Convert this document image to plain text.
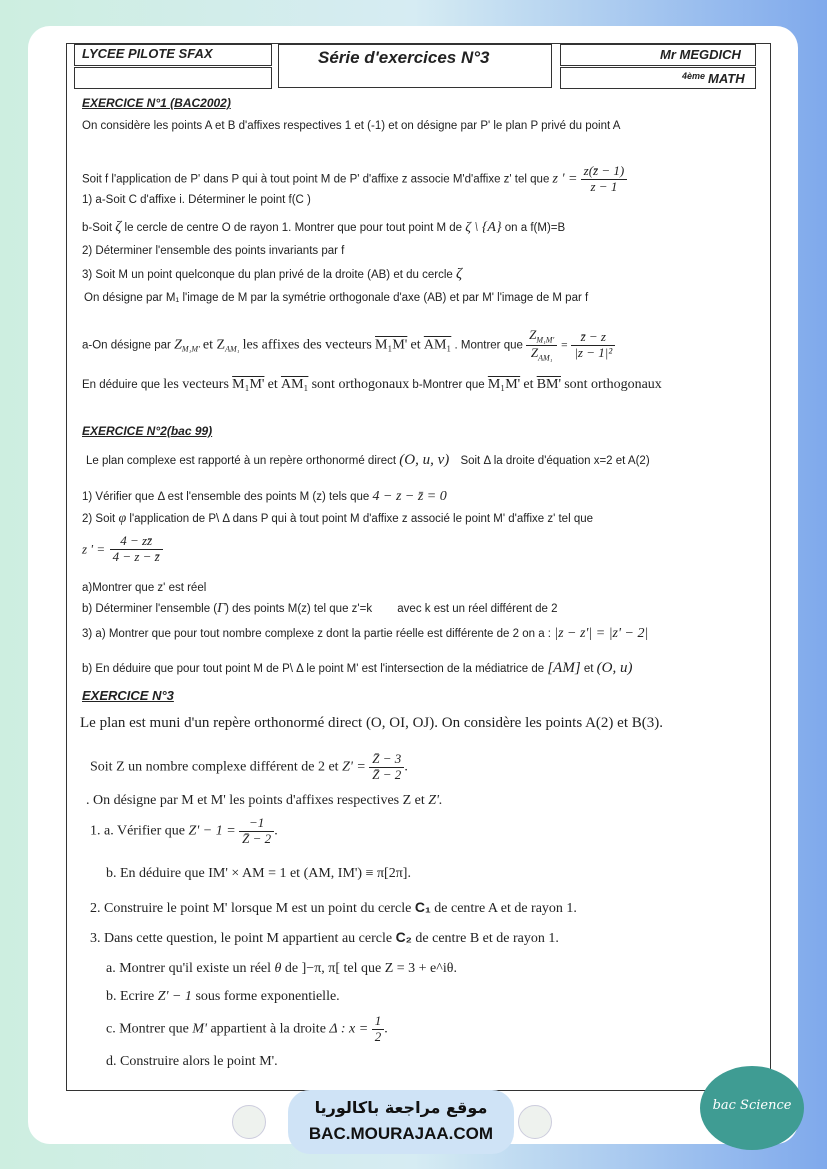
LYCEE PILOTE SFAX	Série d'exercices N°3	Mr MEGDICH
4ème MATH
EXERCICE N°1 (BAC2002)
On considère les points A et B d'affixes respectives 1 et (-1) et on désigne par P' le plan P privé du point A
Soit f l'application de P' dans P qui à tout point M de P' d'affixe z associe M'd'affixe z' tel que z ' = $\frac{z(z̄ - 1)}{z - 1}$
1) a-Soit C d'affixe i. Déterminer le point f(C )
b-Soit ζ le cercle de centre O de rayon 1. Montrer que pour tout point M de ζ \ {A} on a f(M)=B
2) Déterminer l'ensemble des points invariants par f
3) Soit M un point quelconque du plan privé de la droite (AB) et du cercle ζ
On désigne par M₁ l'image de M par la symétrie orthogonale d'axe (AB) et par M' l'image de M par f
a-On désigne par $Z_{M_1M'}$ et $Z_{AM_1}$ les affixes des vecteurs M₁M' et AM₁ . Montrer que $\frac{Z_{M_1M'}}{Z_{AM_1}} = \frac{z̄ - z}{\text{|z − 1|²}}$
En déduire que les vecteurs M₁M' et AM₁ sont orthogonaux b-Montrer que M₁M' et BM' sont orthogonaux
EXERCICE N°2(bac 99)
Le plan complexe est rapporté à un repère orthonormé direct (O, u, v) Soit Δ la droite d'équation x=2 et A(2)
1) Vérifier que Δ est l'ensemble des points M (z) tels que 4 − z − z̄ = 0
2) Soit φ l'application de P\ Δ dans P qui à tout point M d'affixe z associé le point M' d'affixe z' tel que
z ' = $\frac{4 - zz̄}{4 - z - z̄}$
a)Montrer que z' est réel
b) Déterminer l'ensemble (Γ) des points M(z) tel que z'=k avec k est un réel différent de 2
3) a) Montrer que pour tout nombre complexe z dont la partie réelle est différente de 2 on a : |z − z'| = |z' − 2|
b) En déduire que pour tout point M de P\ Δ le point M' est l'intersection de la médiatrice de [AM] et (O, u)
EXERCICE N°3
Le plan est muni d'un repère orthonormé direct (O, OI, OJ). On considère les points A(2) et B(3).
Soit Z un nombre complexe différent de 2 et $Z' = \frac{Z̄ - 3}{Z̄ - 2}$ .
. On désigne par M et M' les points d'affixes respectives Z et Z'.
1. a. Vérifier que $Z' - 1 = \frac{-1}{Z̄ - 2}$ .
b. En déduire que IM' × AM = 1 et (AM, IM') ≡ π[2π].
2. Construire le point M' lorsque M est un point du cercle C₁ de centre A et de rayon 1.
3. Dans cette question, le point M appartient au cercle C₂ de centre B et de rayon 1.
a. Montrer qu'il existe un réel θ de ]−π, π[ tel que Z = 3 + e^iθ.
b. Ecrire Z' − 1 sous forme exponentielle.
c. Montrer que M' appartient à la droite Δ : $x = \frac{1}{2}$ .
d. Construire alors le point M'.
موقع مراجعة باكالوريا
BAC.MOURAJAA.COM
bac Science
